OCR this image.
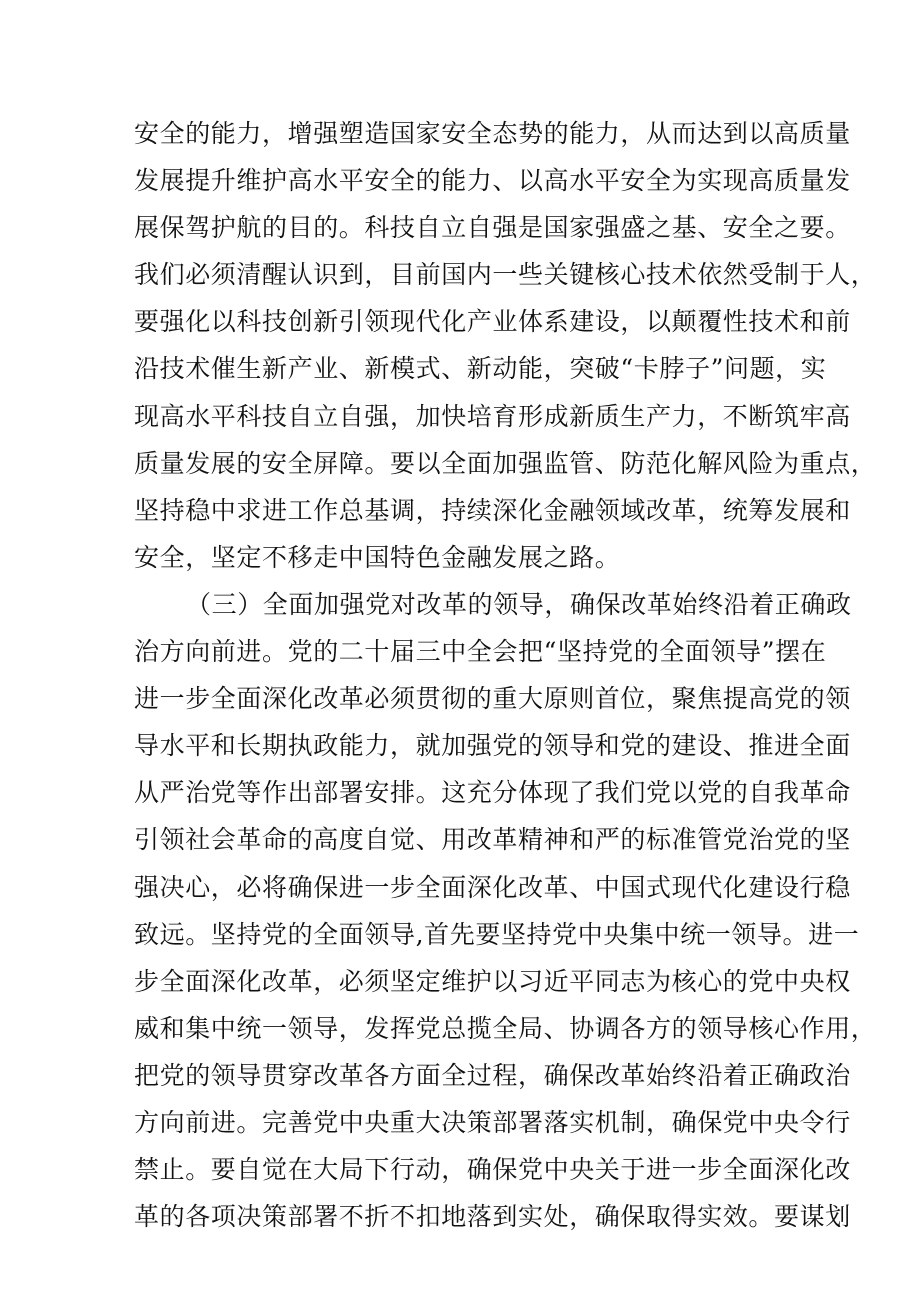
安全的能力，增强塑造国家安全态势的能力，从而达到以高质量
发展提升维护高水平安全的能力、以高水平安全为实现高质量发
展保驾护航的目的。科技自立自强是国家强盛之基、安全之要。
我们必须清醒认识到，目前国内一些关键核心技术依然受制于人，
要强化以科技创新引领现代化产业体系建设，以颠覆性技术和前
沿技术催生新产业、新模式、新动能，突破“卡脖子”问题，实
现高水平科技自立自强，加快培育形成新质生产力，不断筑牢高
质量发展的安全屏障。要以全面加强监管、防范化解风险为重点，
坚持稳中求进工作总基调，持续深化金融领域改革，统筹发展和
安全，坚定不移走中国特色金融发展之路。
（三）全面加强党对改革的领导，确保改革始终沿着正确政
治方向前进。党的二十届三中全会把“坚持党的全面领导”摆在
进一步全面深化改革必须贯彻的重大原则首位，聚焦提高党的领
导水平和长期执政能力，就加强党的领导和党的建设、推进全面
从严治党等作出部署安排。这充分体现了我们党以党的自我革命
引领社会革命的高度自觉、用改革精神和严的标准管党治党的坚
强决心，必将确保进一步全面深化改革、中国式现代化建设行稳
致远。坚持党的全面领导,首先要坚持党中央集中统一领导。进一
步全面深化改革，必须坚定维护以习近平同志为核心的党中央权
威和集中统一领导，发挥党总揽全局、协调各方的领导核心作用，
把党的领导贯穿改革各方面全过程，确保改革始终沿着正确政治
方向前进。完善党中央重大决策部署落实机制，确保党中央令行
禁止。要自觉在大局下行动，确保党中央关于进一步全面深化改
革的各项决策部署不折不扣地落到实处，确保取得实效。要谋划
